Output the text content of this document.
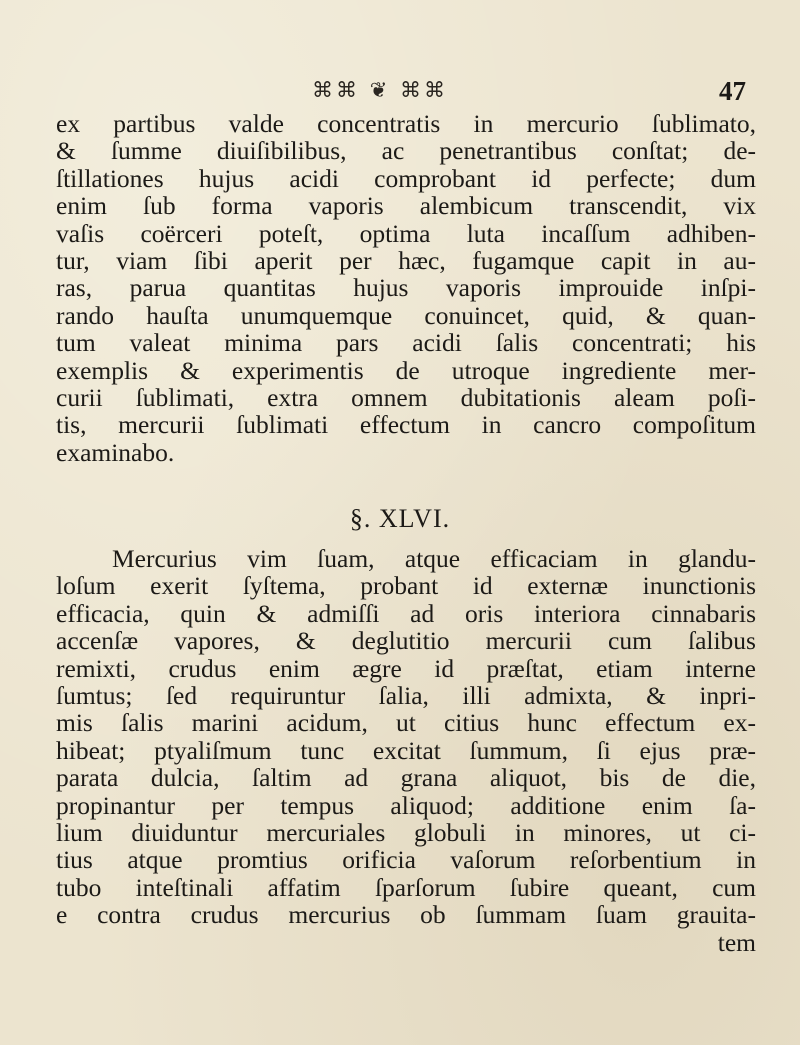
⌘⌘ ❦ ⌘⌘	47
ex partibus valde concentratis in mercurio ſublimato,
& ſumme diuiſibilibus, ac penetrantibus conſtat; de-
ſtillationes hujus acidi comprobant id perfecte; dum
enim ſub forma vaporis alembicum transcendit, vix
vaſis coërceri poteſt, optima luta incaſſum adhiben-
tur, viam ſibi aperit per hæc, fugamque capit in au-
ras, parua quantitas hujus vaporis improuide inſpi-
rando hauſta unumquemque conuincet, quid, & quan-
tum valeat minima pars acidi ſalis concentrati; his
exemplis & experimentis de utroque ingrediente mer-
curii ſublimati, extra omnem dubitationis aleam poſi-
tis, mercurii ſublimati effectum in cancro compoſitum
examinabo.
§. XLVI.
Mercurius vim ſuam, atque efficaciam in glandu-
loſum exerit ſyſtema, probant id externæ inunctionis
efficacia, quin & admiſſi ad oris interiora cinnabaris
accenſæ vapores, & deglutitio mercurii cum ſalibus
remixti, crudus enim ægre id præſtat, etiam interne
ſumtus; ſed requiruntur ſalia, illi admixta, & inpri-
mis ſalis marini acidum, ut citius hunc effectum ex-
hibeat; ptyaliſmum tunc excitat ſummum, ſi ejus præ-
parata dulcia, ſaltim ad grana aliquot, bis de die,
propinantur per tempus aliquod; additione enim ſa-
lium diuiduntur mercuriales globuli in minores, ut ci-
tius atque promtius orificia vaſorum reſorbentium in
tubo inteſtinali affatim ſparſorum ſubire queant, cum
e contra crudus mercurius ob ſummam ſuam grauita-
tem
